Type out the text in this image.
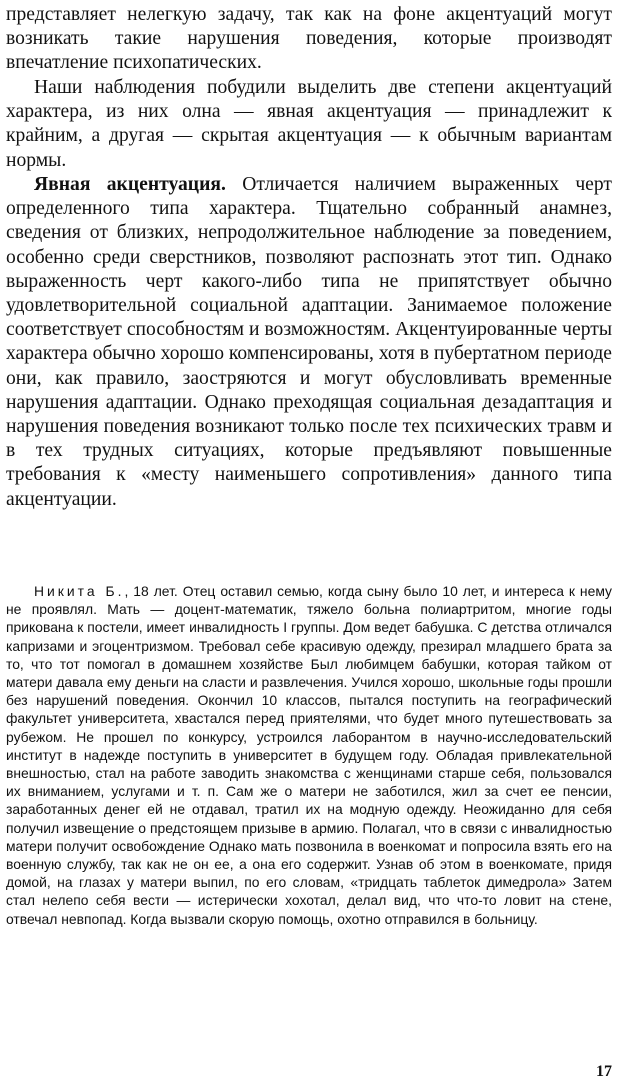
представляет нелегкую задачу, так как на фоне акцентуаций могут возникать такие нарушения поведения, которые производят впечатление психопатических.

Наши наблюдения побудили выделить две степени акцентуаций характера, из них олна — явная акцентуация — принадлежит к крайним, а другая — скрытая акцентуация — к обычным вариантам нормы.

Явная акцентуация. Отличается наличием выраженных черт определенного типа характера. Тщательно собранный анамнез, сведения от близких, непродолжительное наблюдение за поведением, особенно среди сверстников, позволяют распознать этот тип. Однако выраженность черт какого-либо типа не припятствует обычно удовлетворительной социальной адаптации. Занимаемое положение соответствует способностям и возможностям. Акцентуированные черты характера обычно хорошо компенсированы, хотя в пубертатном периоде они, как правило, заостряются и могут обусловливать временные нарушения адаптации. Однако преходящая социальная дезадаптация и нарушения поведения возникают только после тех психических травм и в тех трудных ситуациях, которые предъявляют повышенные требования к «месту наименьшего сопротивления» данного типа акцентуации.

Никита Б., 18 лет. Отец оставил семью, когда сыну было 10 лет, и интереса к нему не проявлял. Мать — доцент-математик, тяжело больна полиартритом, многие годы прикована к постели, имеет инвалидность I группы. Дом ведет бабушка. С детства отличался капризами и эгоцентризмом. Требовал себе красивую одежду, презирал младшего брата за то, что тот помогал в домашнем хозяйстве Был любимцем бабушки, которая тайком от матери давала ему деньги на сласти и развлечения. Учился хорошо, школьные годы прошли без нарушений поведения. Окончил 10 классов, пытался поступить на географический факультет университета, хвастался перед приятелями, что будет много путешествовать за рубежом. Не прошел по конкурсу, устроился лаборантом в научно-исследовательский институт в надежде поступить в университет в будущем году. Обладая привлекательной внешностью, стал на работе заводить знакомства с женщинами старше себя, пользовался их вниманием, услугами и т. п. Сам же о матери не заботился, жил за счет ее пенсии, заработанных денег ей не отдавал, тратил их на модную одежду. Неожиданно для себя получил извещение о предстоящем призыве в армию. Полагал, что в связи с инвалидностью матери получит освобождение Однако мать позвонила в военкомат и попросила взять его на военную службу, так как не он ее, а она его содержит. Узнав об этом в военкомате, придя домой, на глазах у матери выпил, по его словам, «тридцать таблеток димедрола» Затем стал нелепо себя вести — истерически хохотал, делал вид, что что-то ловит на стене, отвечал невпопад. Когда вызвали скорую помощь, охотно отправился в больницу.

17
